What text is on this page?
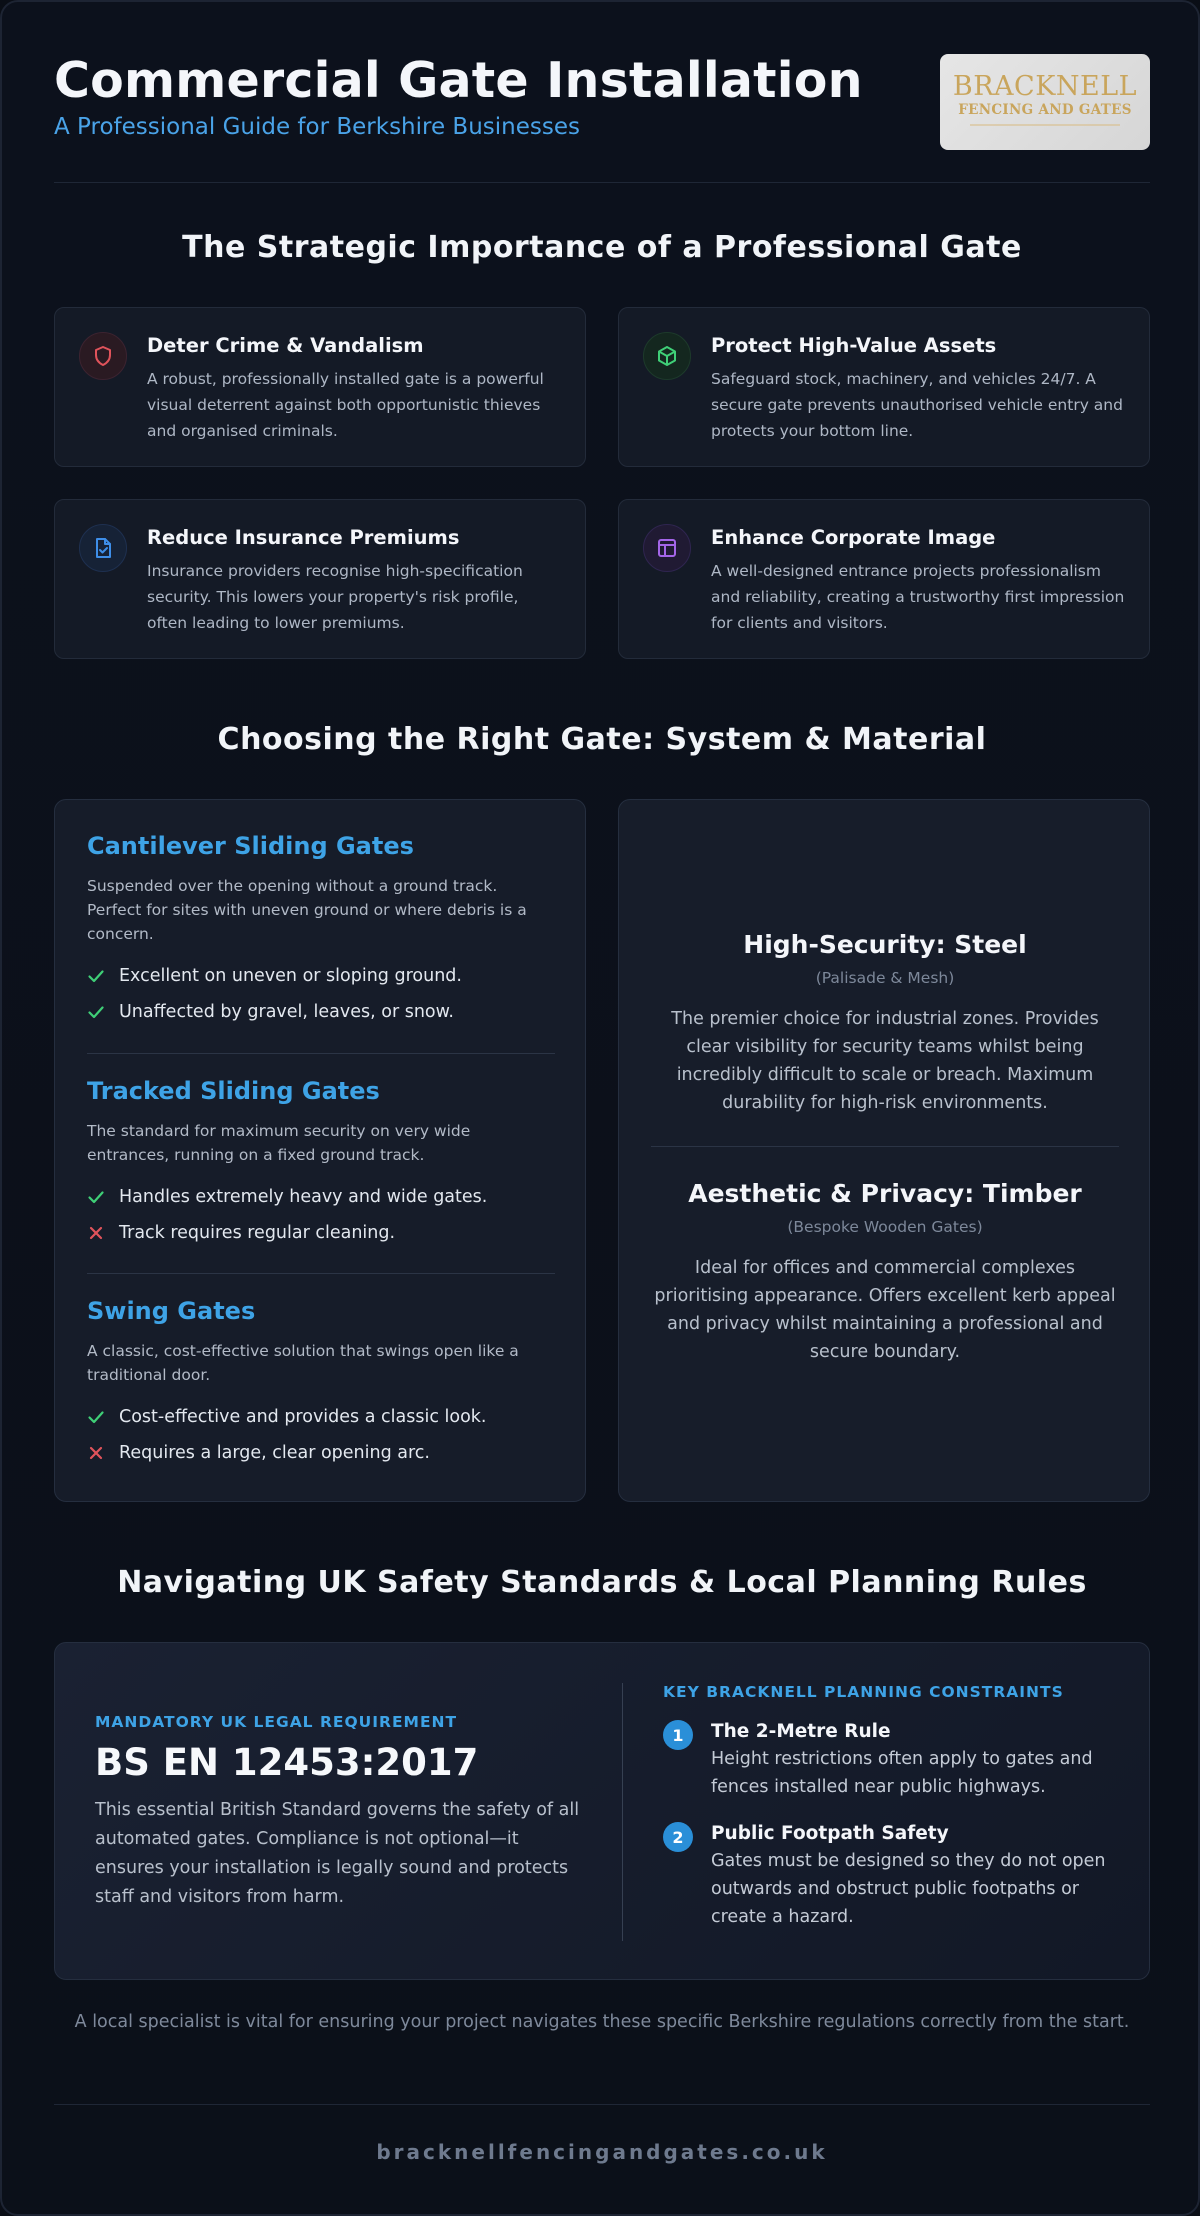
Commercial Gate Installation
A Professional Guide for Berkshire Businesses
BRACKNELL
FENCING AND GATES
The Strategic Importance of a Professional Gate
Deter Crime & Vandalism
A robust, professionally installed gate is a powerful visual deterrent against both opportunistic thieves and organised criminals.
Protect High-Value Assets
Safeguard stock, machinery, and vehicles 24/7. A secure gate prevents unauthorised vehicle entry and protects your bottom line.
Reduce Insurance Premiums
Insurance providers recognise high-specification security. This lowers your property's risk profile, often leading to lower premiums.
Enhance Corporate Image
A well-designed entrance projects professionalism and reliability, creating a trustworthy first impression for clients and visitors.
Choosing the Right Gate: System & Material
Cantilever Sliding Gates
Suspended over the opening without a ground track. Perfect for sites with uneven ground or where debris is a concern.
Excellent on uneven or sloping ground.
Unaffected by gravel, leaves, or snow.
Tracked Sliding Gates
The standard for maximum security on very wide entrances, running on a fixed ground track.
Handles extremely heavy and wide gates.
Track requires regular cleaning.
Swing Gates
A classic, cost-effective solution that swings open like a traditional door.
Cost-effective and provides a classic look.
Requires a large, clear opening arc.
High-Security: Steel
(Palisade & Mesh)
The premier choice for industrial zones. Provides clear visibility for security teams whilst being incredibly difficult to scale or breach. Maximum durability for high-risk environments.
Aesthetic & Privacy: Timber
(Bespoke Wooden Gates)
Ideal for offices and commercial complexes prioritising appearance. Offers excellent kerb appeal and privacy whilst maintaining a professional and secure boundary.
Navigating UK Safety Standards & Local Planning Rules
MANDATORY UK LEGAL REQUIREMENT
BS EN 12453:2017
This essential British Standard governs the safety of all automated gates. Compliance is not optional—it ensures your installation is legally sound and protects staff and visitors from harm.
KEY BRACKNELL PLANNING CONSTRAINTS
1	The 2-Metre Rule
Height restrictions often apply to gates and fences installed near public highways.
2	Public Footpath Safety
Gates must be designed so they do not open outwards and obstruct public footpaths or create a hazard.
A local specialist is vital for ensuring your project navigates these specific Berkshire regulations correctly from the start.
bracknellfencingandgates.co.uk
